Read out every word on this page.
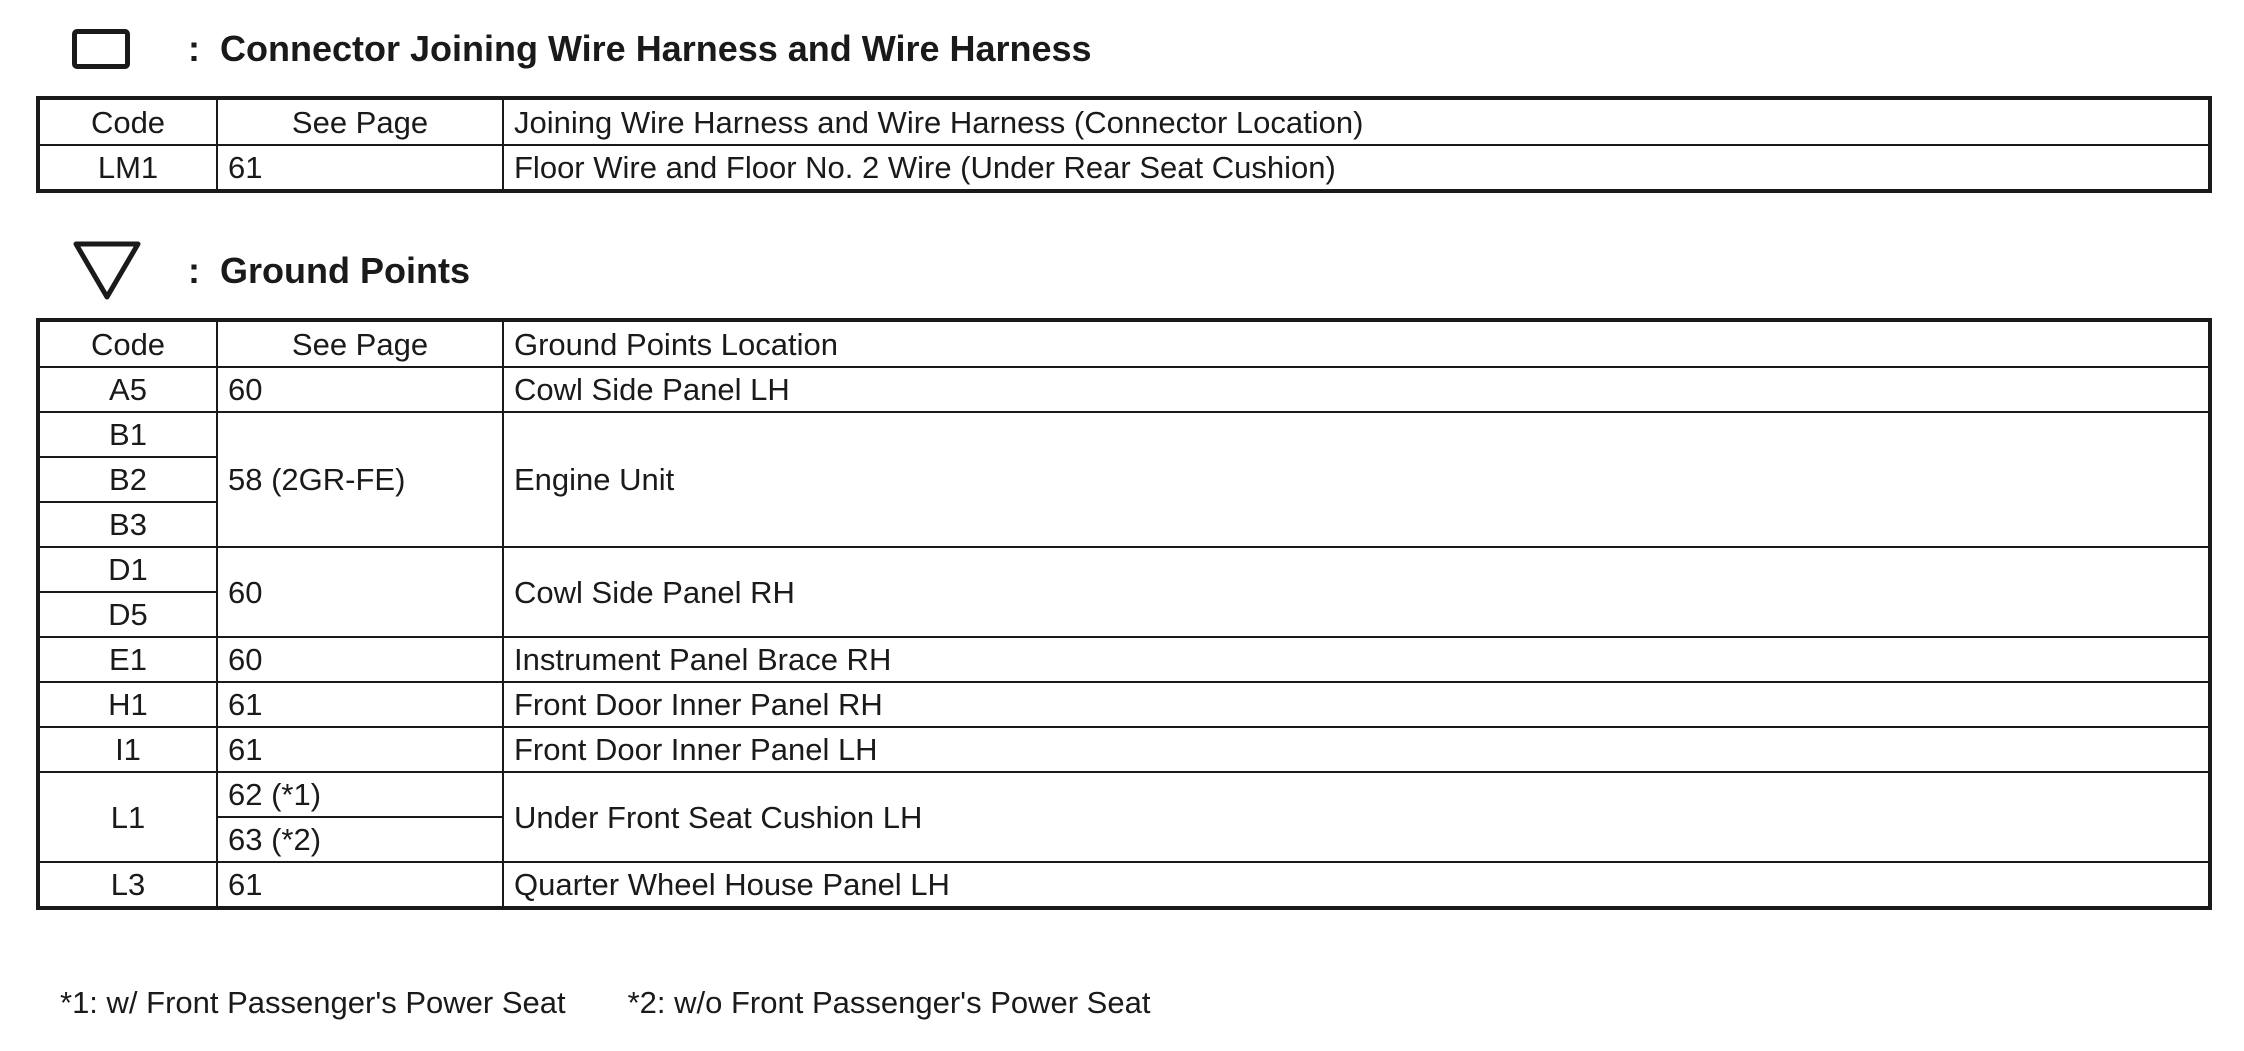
: Connector Joining Wire Harness and Wire Harness
Code	See Page	Joining Wire Harness and Wire Harness (Connector Location)
LM1	61	Floor Wire and Floor No. 2 Wire (Under Rear Seat Cushion)
: Ground Points
Code	See Page	Ground Points Location
A5	60	Cowl Side Panel LH
B1	58 (2GR-FE)	Engine Unit
B2		
B3		
D1	60	Cowl Side Panel RH
D5		
E1	60	Instrument Panel Brace RH
H1	61	Front Door Inner Panel RH
I1	61	Front Door Inner Panel LH
L1	62 (*1)	Under Front Seat Cushion LH
	63 (*2)	
L3	61	Quarter Wheel House Panel LH
*1: w/ Front Passenger's Power Seat *2: w/o Front Passenger's Power Seat
